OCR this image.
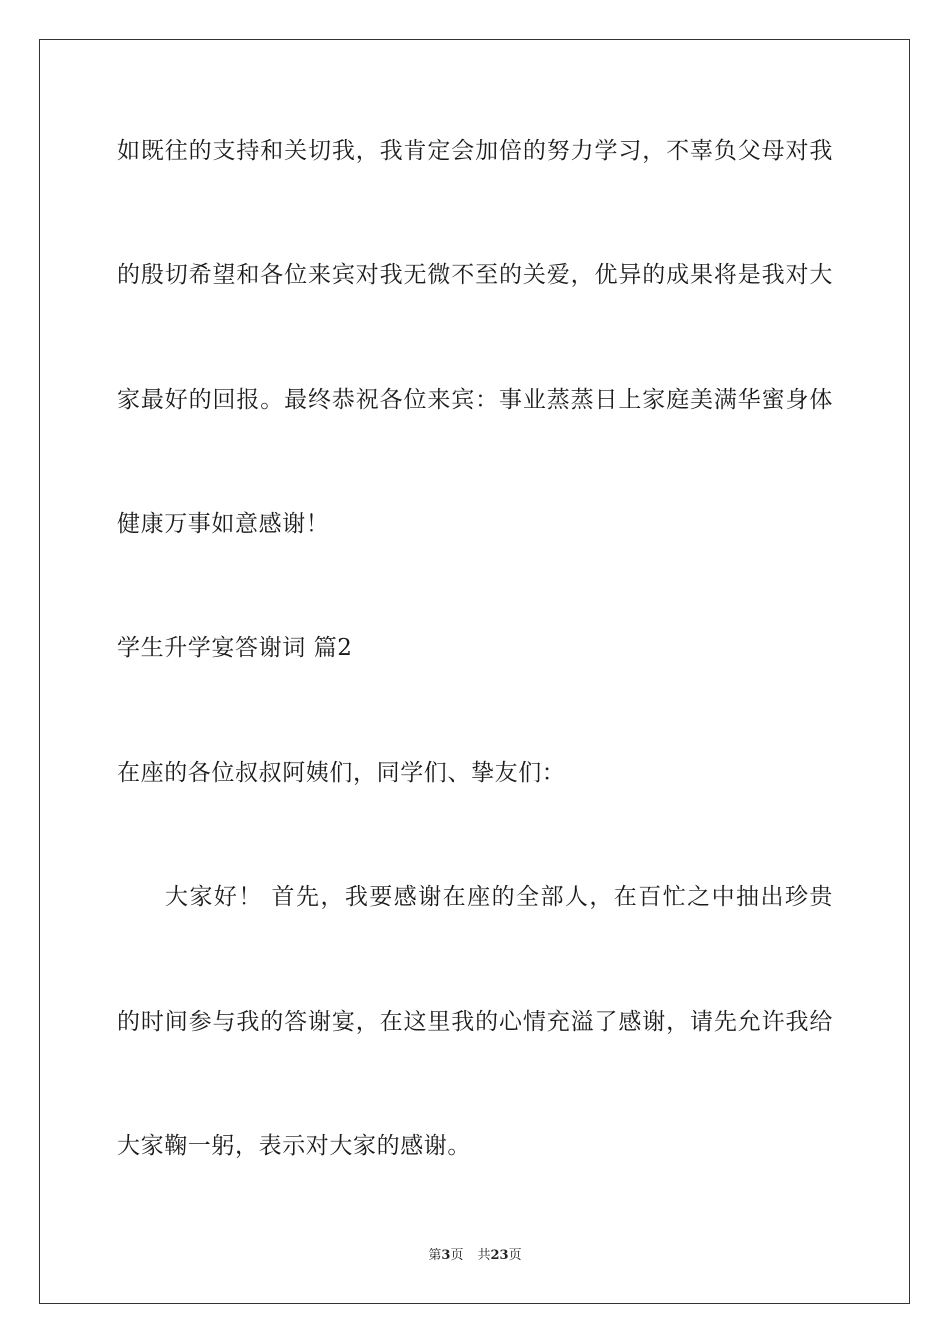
如既往的支持和关切我，我肯定会加倍的努力学习，不辜负父母对我
的殷切希望和各位来宾对我无微不至的关爱，优异的成果将是我对大
家最好的回报。最终恭祝各位来宾：事业蒸蒸日上家庭美满华蜜身体
健康万事如意感谢！
学生升学宴答谢词 篇2
在座的各位叔叔阿姨们，同学们、挚友们：
大家好！ 首先，我要感谢在座的全部人，在百忙之中抽出珍贵
的时间参与我的答谢宴，在这里我的心情充溢了感谢，请先允许我给
大家鞠一躬，表示对大家的感谢。
第3页 共23页
